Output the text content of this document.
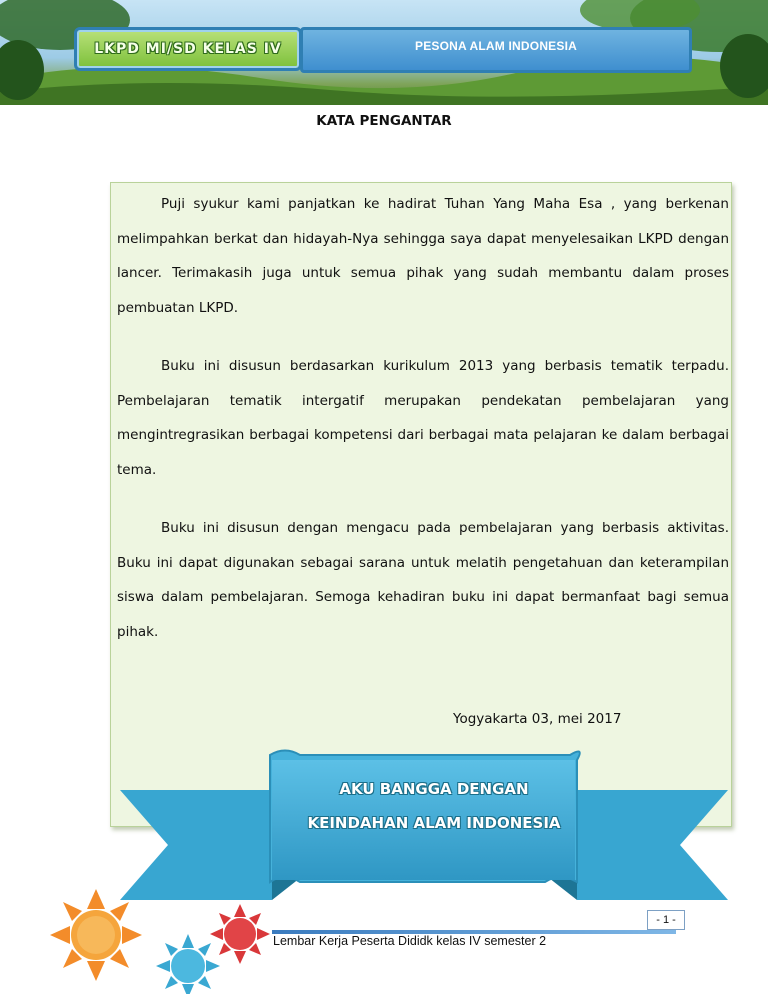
LKPD MI/SD KELAS IV	PESONA ALAM INDONESIA
KATA PENGANTAR

Puji syukur kami panjatkan ke hadirat Tuhan Yang Maha Esa , yang berkenan melimpahkan berkat dan hidayah-Nya sehingga saya dapat menyelesaikan LKPD dengan lancer. Terimakasih juga untuk semua pihak yang sudah membantu dalam proses pembuatan LKPD.

Buku ini disusun berdasarkan kurikulum 2013 yang berbasis tematik terpadu. Pembelajaran tematik intergatif merupakan pendekatan pembelajaran yang mengintregrasikan berbagai kompetensi dari berbagai mata pelajaran ke dalam berbagai tema.

Buku ini disusun dengan mengacu pada pembelajaran yang berbasis aktivitas. Buku ini dapat digunakan sebagai sarana untuk melatih pengetahuan dan keterampilan siswa dalam pembelajaran. Semoga kehadiran buku ini dapat bermanfaat bagi semua pihak.

Yogyakarta 03, mei 2017
AKU BANGGA DENGAN
KEINDAHAN ALAM INDONESIA
- 1 -
Lembar Kerja Peserta Dididk kelas IV semester 2
